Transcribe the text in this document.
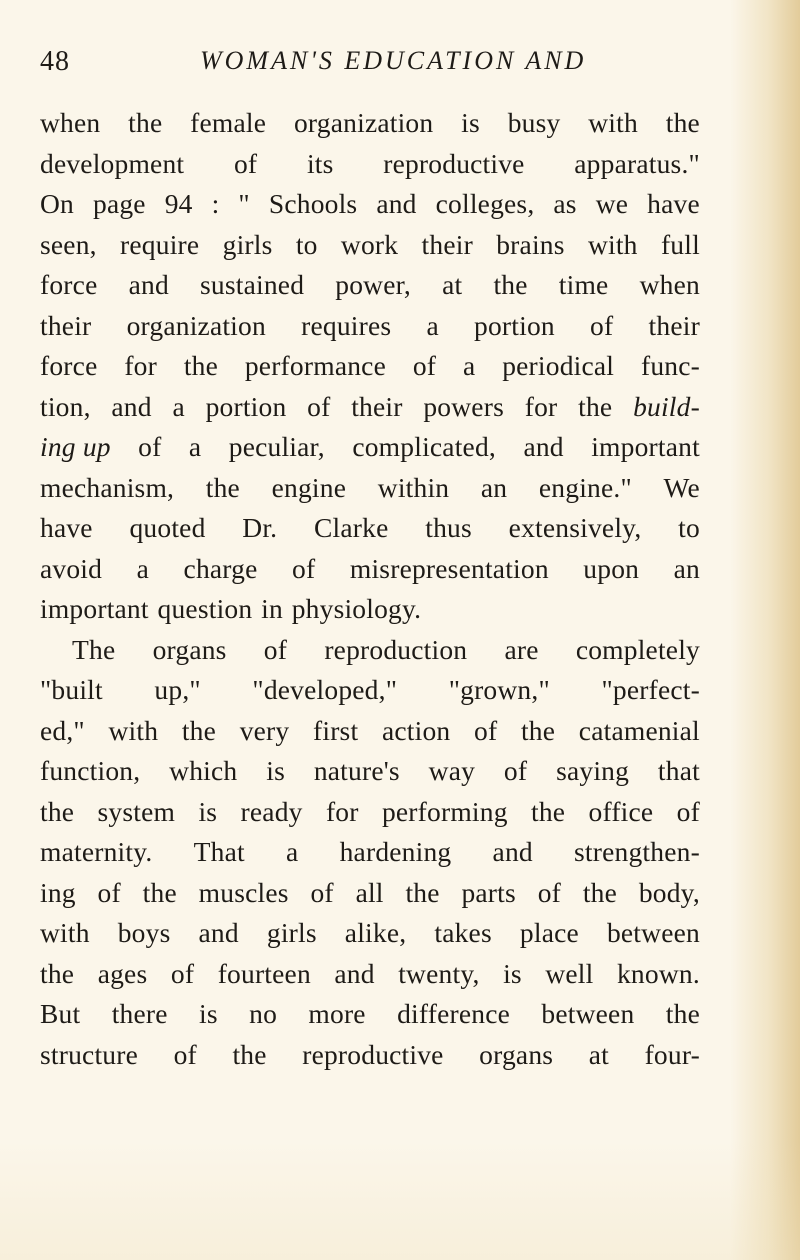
48	WOMAN'S EDUCATION AND
when the female organization is busy with the
development of its reproductive apparatus."
On page 94 : " Schools and colleges, as we have
seen, require girls to work their brains with full
force and sustained power, at the time when
their organization requires a portion of their
force for the performance of a periodical func-
tion, and a portion of their powers for the build-
ing up of a peculiar, complicated, and important
mechanism, the engine within an engine." We
have quoted Dr. Clarke thus extensively, to
avoid a charge of misrepresentation upon an
important question in physiology.
The organs of reproduction are completely
"built up," "developed," "grown," "perfect-
ed," with the very first action of the catamenial
function, which is nature's way of saying that
the system is ready for performing the office of
maternity. That a hardening and strengthen-
ing of the muscles of all the parts of the body,
with boys and girls alike, takes place between
the ages of fourteen and twenty, is well known.
But there is no more difference between the
structure of the reproductive organs at four-
